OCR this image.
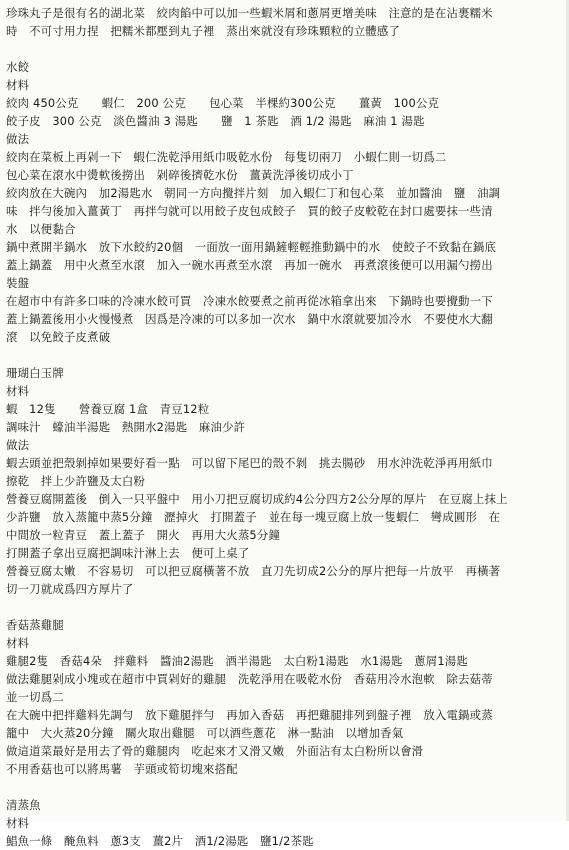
珍珠丸子是很有名的湖北菜　絞肉餡中可以加一些蝦米屑和蔥屑更增美味　注意的是在沾裹糯米
時　不可寸用力捏　把糯米都壓到丸子裡　蒸出來就沒有珍珠顆粒的立體感了
水餃
材料
絞肉 450公克　　蝦仁　200 公克　　包心菜　半棵約300公克　　薑黃　100公克
餃子皮　300 公克　淡色醬油 3 湯匙　　鹽　1 茶匙　酒 1/2 湯匙　麻油 1 湯匙
做法
絞肉在菜板上再剁一下　蝦仁洗乾淨用紙巾吸乾水份　每隻切兩刀　小蝦仁則一切爲二
包心菜在滾水中燙軟後撈出　剁碎後擠乾水份　薑黃洗淨後切成小丁
絞肉放在大碗內　加2湯匙水　朝同一方向攪拌片刻　加入蝦仁丁和包心菜　並加醬油　鹽　油調
味　拌勻後加入薑黃丁　再拌勻就可以用餃子皮包成餃子　買的餃子皮較乾在封口處要抹一些清
水　以便黏合
鍋中煮開半鍋水　放下水餃約20個　一面放一面用鍋鏟輕輕推動鍋中的水　使餃子不致黏在鍋底
蓋上鍋蓋　用中火煮至水滾　加入一碗水再煮至水滾　再加一碗水　再煮滾後便可以用漏勺撈出
裝盤
在超市中有許多口味的冷凍水餃可買　冷凍水餃要煮之前再從冰箱拿出來　下鍋時也要攪動一下
蓋上鍋蓋後用小火慢慢煮　因爲是冷凍的可以多加一次水　鍋中水滾就要加冷水　不要使水大翻
滾　以免餃子皮煮破
珊瑚白玉牌
材料
蝦　12隻　　營養豆腐 1盒　青豆12粒
調味汁　蠔油半湯匙　熱開水2湯匙　麻油少許
做法
蝦去頭並把殼剝掉如果要好看一點　可以留下尾巴的殼不剝　挑去腸砂　用水沖洗乾淨再用紙巾
擦乾　拌上少許鹽及太白粉
營養豆腐開蓋後　倒入一只平盤中　用小刀把豆腐切成約4公分四方2公分厚的厚片　在豆腐上抹上
少許鹽　放入蒸籠中蒸5分鐘　瀝掉火　打開蓋子　並在每一塊豆腐上放一隻蝦仁　彎成圓形　在
中間放一粒青豆　蓋上蓋子　開火　再用大火蒸5分鐘
打開蓋子拿出豆腐把調味汁淋上去　便可上桌了
營養豆腐太嫩　不容易切　可以把豆腐橫著不放　直刀先切成2公分的厚片把每一片放平　再橫著
切一刀就成爲四方厚片了
香菇蒸雞腿
材料
雞腿2隻　香菇4朵　拌雞料　醬油2湯匙　酒半湯匙　太白粉1湯匙　水1湯匙　蔥屑1湯匙
做法雞腿剁成小塊或在超市中買剁好的雞腿　洗乾淨用在吸乾水份　香菇用冷水泡軟　除去菇蒂
並一切爲二
在大碗中把拌雞料先調勻　放下雞腿拌勻　再加入香菇　再把雞腿排列到盤子裡　放入電鍋或蒸
籠中　大火蒸20分鐘　關火取出雞腿　可以酒些蔥花　淋一點油　以增加香氣
做這道菜最好是用去了骨的雞腿肉　吃起來才又滑又嫩　外面沾有太白粉所以會滑
不用香菇也可以將馬薯　芋頭或筍切塊來搭配
清蒸魚
材料
鯧魚一條　醃魚料　蔥3支　薑2片　酒1/2湯匙　鹽1/2茶匙
